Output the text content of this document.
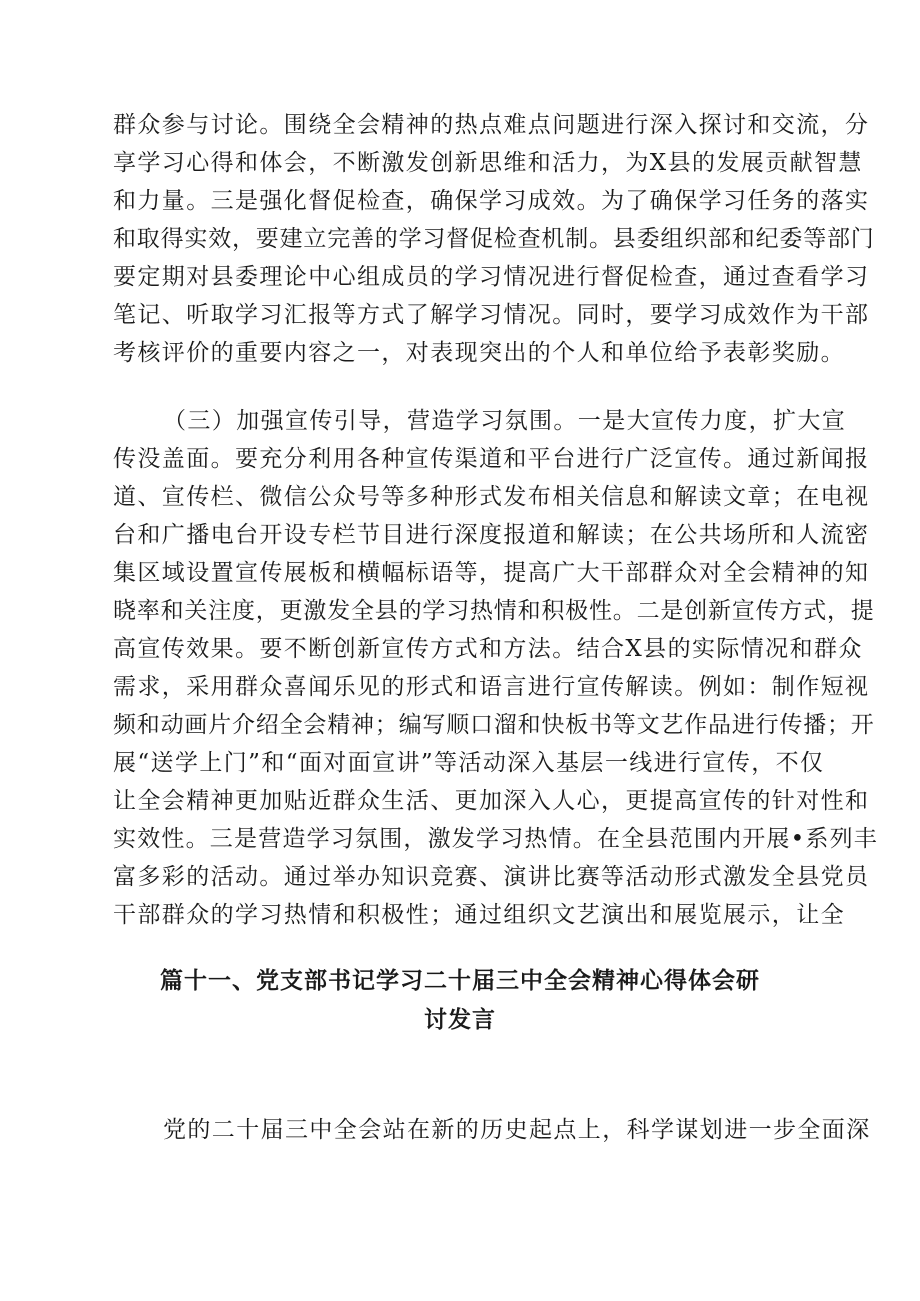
群众参与讨论。围绕全会精神的热点难点问题进行深入探讨和交流，分
享学习心得和体会，不断激发创新思维和活力，为X县的发展贡献智慧
和力量。三是强化督促检查，确保学习成效。为了确保学习任务的落实
和取得实效，要建立完善的学习督促检查机制。县委组织部和纪委等部门
要定期对县委理论中心组成员的学习情况进行督促检查，通过查看学习
笔记、听取学习汇报等方式了解学习情况。同时，要学习成效作为干部
考核评价的重要内容之一，对表现突出的个人和单位给予表彰奖励。
（三）加强宣传引导，营造学习氛围。一是大宣传力度，扩大宣
传没盖面。要充分利用各种宣传渠道和平台进行广泛宣传。通过新闻报
道、宣传栏、微信公众号等多种形式发布相关信息和解读文章；在电视
台和广播电台开设专栏节目进行深度报道和解读；在公共场所和人流密
集区域设置宣传展板和横幅标语等，提高广大干部群众对全会精神的知
晓率和关注度，更激发全县的学习热情和积极性。二是创新宣传方式，提
高宣传效果。要不断创新宣传方式和方法。结合X县的实际情况和群众
需求，采用群众喜闻乐见的形式和语言进行宣传解读。例如：制作短视
频和动画片介绍全会精神；编写顺口溜和快板书等文艺作品进行传播；开
展“送学上门”和“面对面宣讲”等活动深入基层一线进行宣传，不仅
让全会精神更加贴近群众生活、更加深入人心，更提高宣传的针对性和
实效性。三是营造学习氛围，激发学习热情。在全县范围内开展•系列丰
富多彩的活动。通过举办知识竞赛、演讲比赛等活动形式激发全县党员
干部群众的学习热情和积极性；通过组织文艺演出和展览展示，让全
篇十一、党支部书记学习二十届三中全会精神心得体会研
讨发言
党的二十届三中全会站在新的历史起点上，科学谋划进一步全面深
